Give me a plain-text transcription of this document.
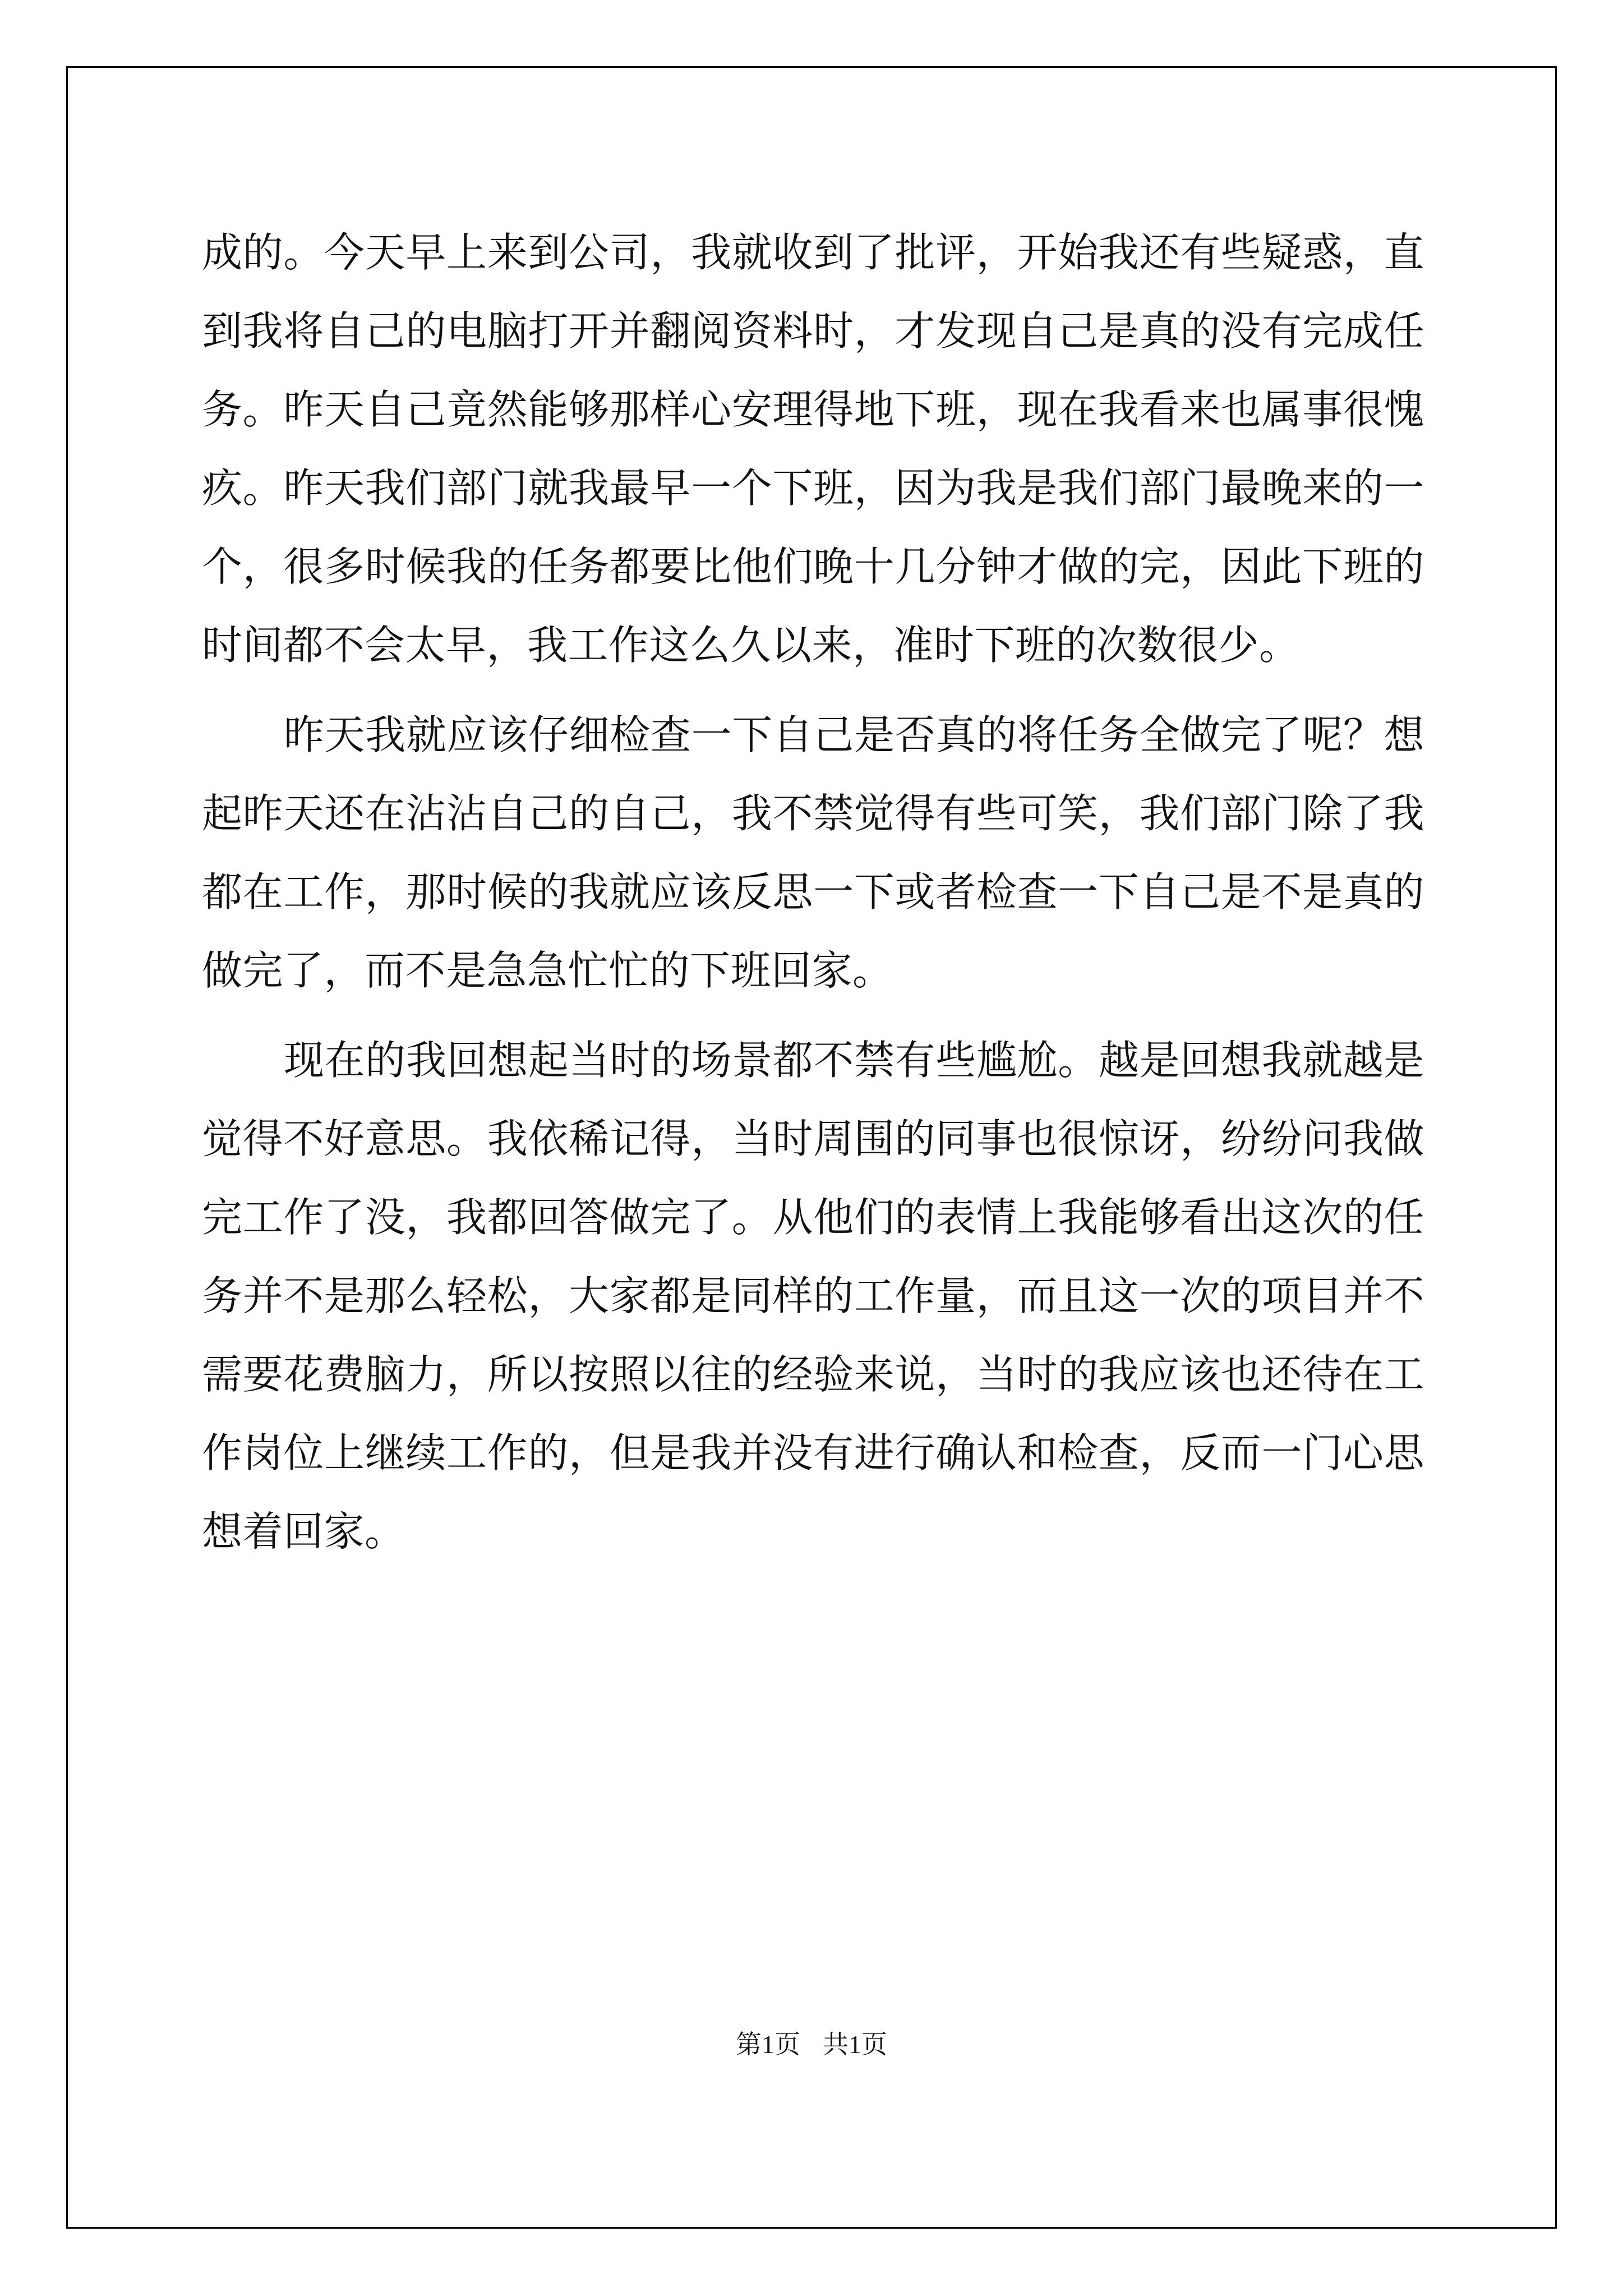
成的。今天早上来到公司，我就收到了批评，开始我还有些疑惑，直
到我将自己的电脑打开并翻阅资料时，才发现自己是真的没有完成任
务。昨天自己竟然能够那样心安理得地下班，现在我看来也属事很愧
疚。昨天我们部门就我最早一个下班，因为我是我们部门最晚来的一
个，很多时候我的任务都要比他们晚十几分钟才做的完，因此下班的
时间都不会太早，我工作这么久以来，准时下班的次数很少。
昨天我就应该仔细检查一下自己是否真的将任务全做完了呢？想
起昨天还在沾沾自己的自己，我不禁觉得有些可笑，我们部门除了我
都在工作，那时候的我就应该反思一下或者检查一下自己是不是真的
做完了，而不是急急忙忙的下班回家。
现在的我回想起当时的场景都不禁有些尴尬。越是回想我就越是
觉得不好意思。我依稀记得，当时周围的同事也很惊讶，纷纷问我做
完工作了没，我都回答做完了。从他们的表情上我能够看出这次的任
务并不是那么轻松，大家都是同样的工作量，而且这一次的项目并不
需要花费脑力，所以按照以往的经验来说，当时的我应该也还待在工
作岗位上继续工作的，但是我并没有进行确认和检查，反而一门心思
想着回家。
第1页 共1页
